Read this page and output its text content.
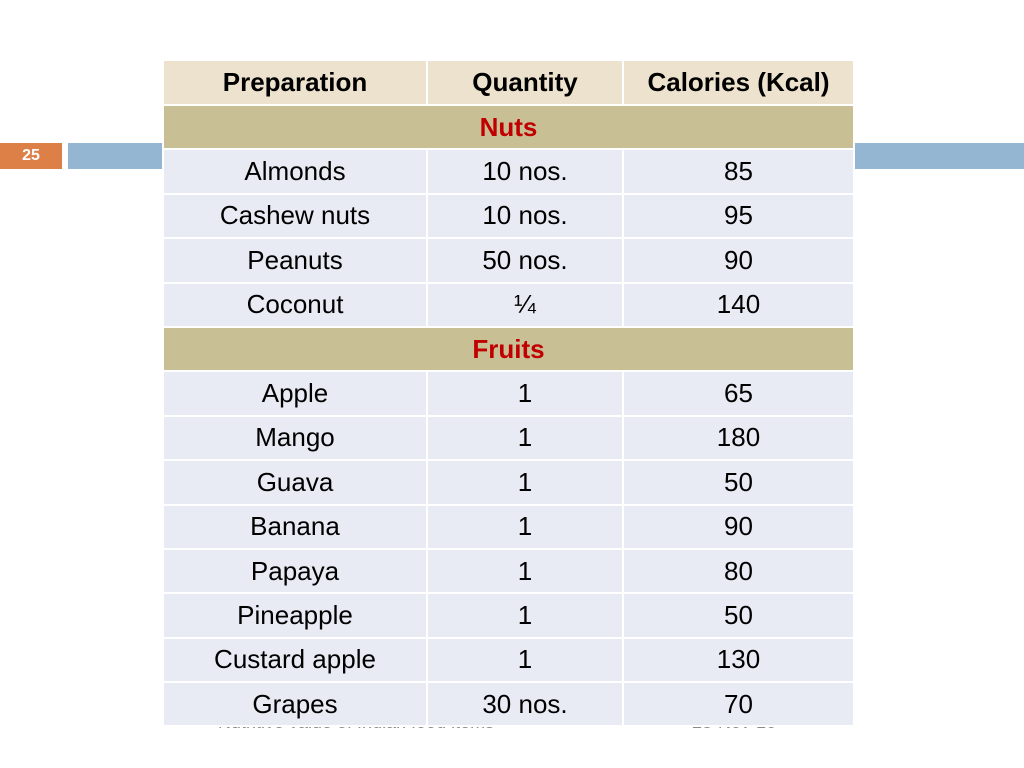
25
Preparation	Quantity	Calories (Kcal)
Nuts		
Almonds	10 nos.	85
Cashew nuts	10 nos.	95
Peanuts	50 nos.	90
Coconut	¼	140
Fruits		
Apple	1	65
Mango	1	180
Guava	1	50
Banana	1	90
Papaya	1	80
Pineapple	1	50
Custard apple	1	130
Grapes	30 nos.	70
